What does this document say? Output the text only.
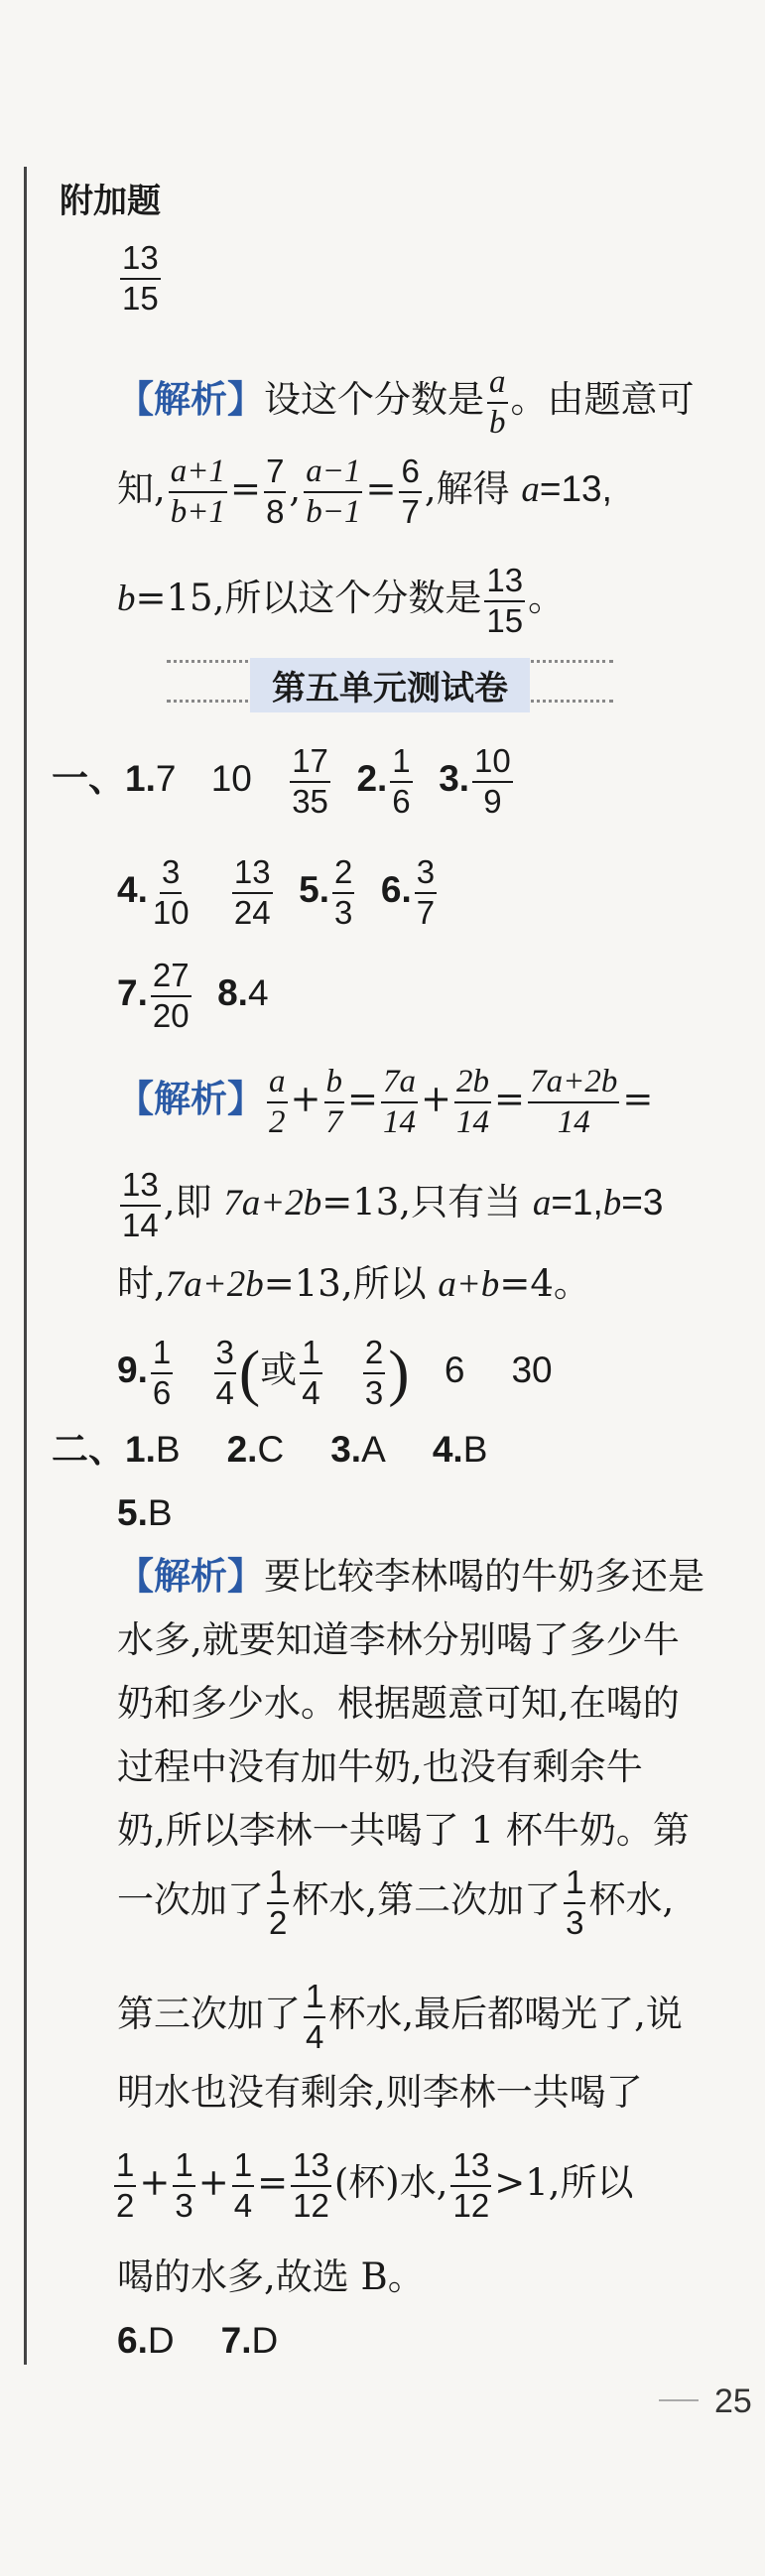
附加题
$\frac{13}{15}$
【解析】设这个分数是 $\frac{a}{b}$ 。由题意可
知, $\frac{a+1}{b+1} = \frac{7}{8}$ , $\frac{a-1}{b-1} = \frac{6}{7}$ ,解得 a=13,
b=15,所以这个分数是 $\frac{13}{15}$ 。
第五单元测试卷
一、1.7 $10 \frac{17}{35} 2$. $\frac{1}{6} 3$. $\frac{10}{9}$
4. $\frac{3}{10}$
$\frac{13}{24} 5$. $\frac{2}{3} 6$. $\frac{3}{7}$
7. $\frac{27}{20} 8.4$
【解析】 $\frac{a}{2} + \frac{b}{7} = \frac{7a}{14} + \frac{2b}{14} = \frac{7a+2b}{14}$ =
$\frac{13}{14}$ ,即 7a+2b=13,只有当 a=1,b=3
时,7a+2b=13,所以 a+b=4。
9. $\frac{1}{6}$
$\frac{3}{4}$ (或 $\frac{1}{4}$
$\frac{2}{3}$ ) 6 30
二、1.B 2.C 3.A 4.B
5.B
【解析】要比较李林喝的牛奶多还是
水多,就要知道李林分别喝了多少牛
奶和多少水。根据题意可知,在喝的
过程中没有加牛奶,也没有剩余牛
奶,所以李林一共喝了 1 杯牛奶。第
一次加了 $\frac{1}{2}$ 杯水,第二次加了 $\frac{1}{3}$ 杯水,
第三次加了 $\frac{1}{4}$ 杯水,最后都喝光了,说
明水也没有剩余,则李林一共喝了
$\frac{1}{2} + \frac{1}{3} + \frac{1}{4} = \frac{13}{12}$ (杯)水, $\frac{13}{12} >1$,所以
喝的水多,故选 B。
6.D 7.D
25
